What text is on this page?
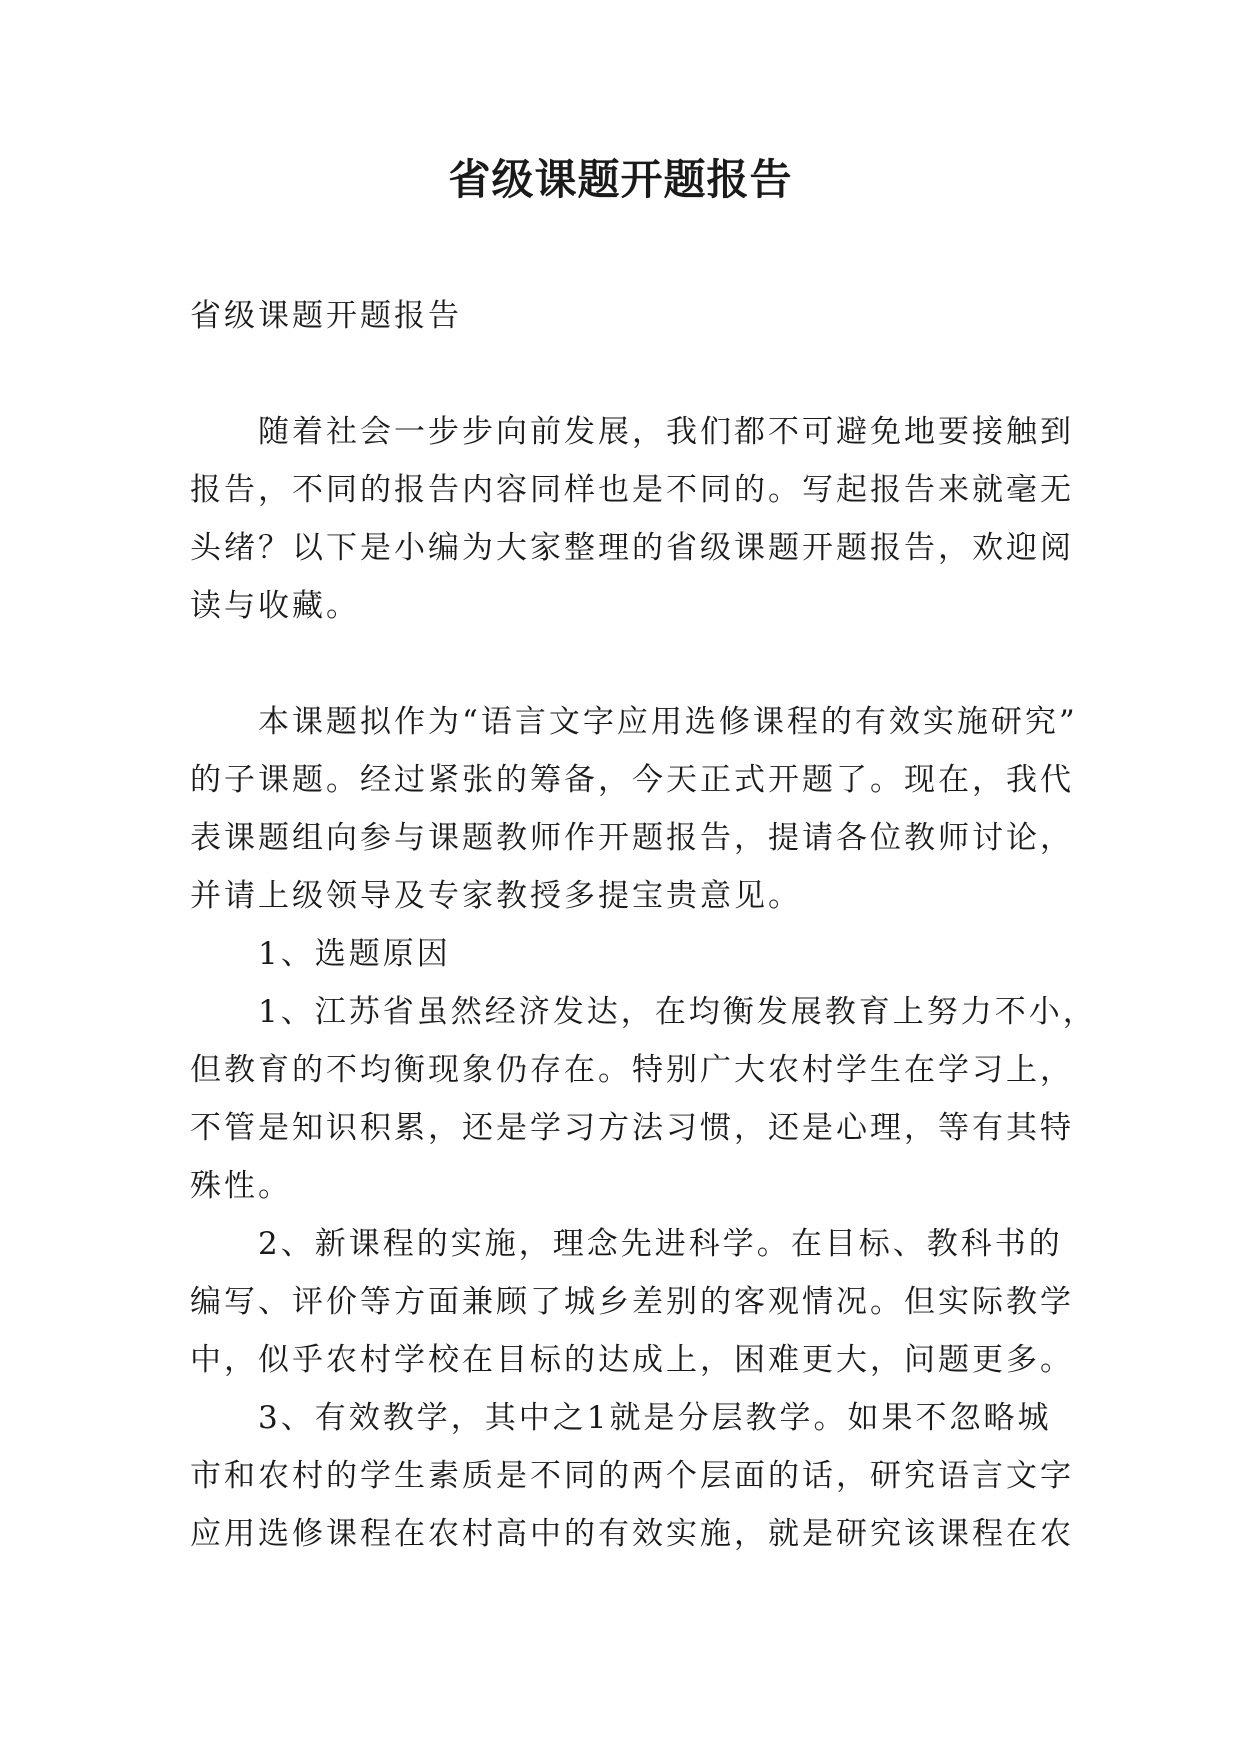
省级课题开题报告

省级课题开题报告

随着社会一步步向前发展，我们都不可避免地要接触到

报告，不同的报告内容同样也是不同的。写起报告来就毫无

头绪？以下是小编为大家整理的省级课题开题报告，欢迎阅

读与收藏。

本课题拟作为“语言文字应用选修课程的有效实施研究”

的子课题。经过紧张的筹备，今天正式开题了。现在，我代

表课题组向参与课题教师作开题报告，提请各位教师讨论，

并请上级领导及专家教授多提宝贵意见。

1、选题原因

1、江苏省虽然经济发达，在均衡发展教育上努力不小，

但教育的不均衡现象仍存在。特别广大农村学生在学习上，

不管是知识积累，还是学习方法习惯，还是心理，等有其特

殊性。

2、新课程的实施，理念先进科学。在目标、教科书的

编写、评价等方面兼顾了城乡差别的客观情况。但实际教学

中，似乎农村学校在目标的达成上，困难更大，问题更多。

3、有效教学，其中之1就是分层教学。如果不忽略城

市和农村的学生素质是不同的两个层面的话，研究语言文字

应用选修课程在农村高中的有效实施，就是研究该课程在农
